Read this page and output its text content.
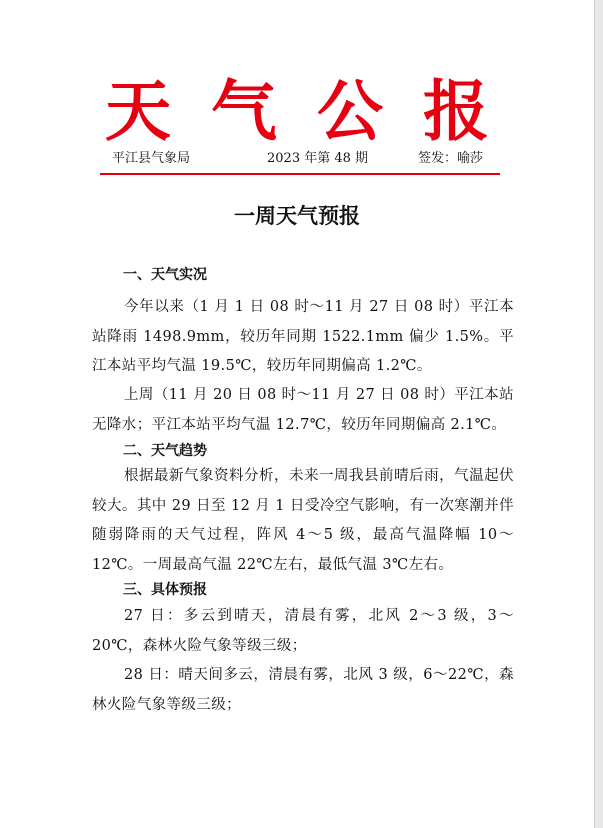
天气公报
平江县气象局	2023 年第 48 期	签发：喻莎
一周天气预报
一、天气实况
今年以来（1 月 1 日 08 时～11 月 27 日 08 时）平江本站降雨 1498.9mm，较历年同期 1522.1mm 偏少 1.5%。平江本站平均气温 19.5℃，较历年同期偏高 1.2℃。
上周（11 月 20 日 08 时～11 月 27 日 08 时）平江本站无降水；平江本站平均气温 12.7℃，较历年同期偏高 2.1℃。
二、天气趋势
根据最新气象资料分析，未来一周我县前晴后雨，气温起伏较大。其中 29 日至 12 月 1 日受冷空气影响，有一次寒潮并伴随弱降雨的天气过程，阵风 4～5 级，最高气温降幅 10～12℃。一周最高气温 22℃左右，最低气温 3℃左右。
三、具体预报
27 日：多云到晴天，清晨有雾，北风 2～3 级，3～20℃，森林火险气象等级三级；
28 日：晴天间多云，清晨有雾，北风 3 级，6～22℃，森林火险气象等级三级；
